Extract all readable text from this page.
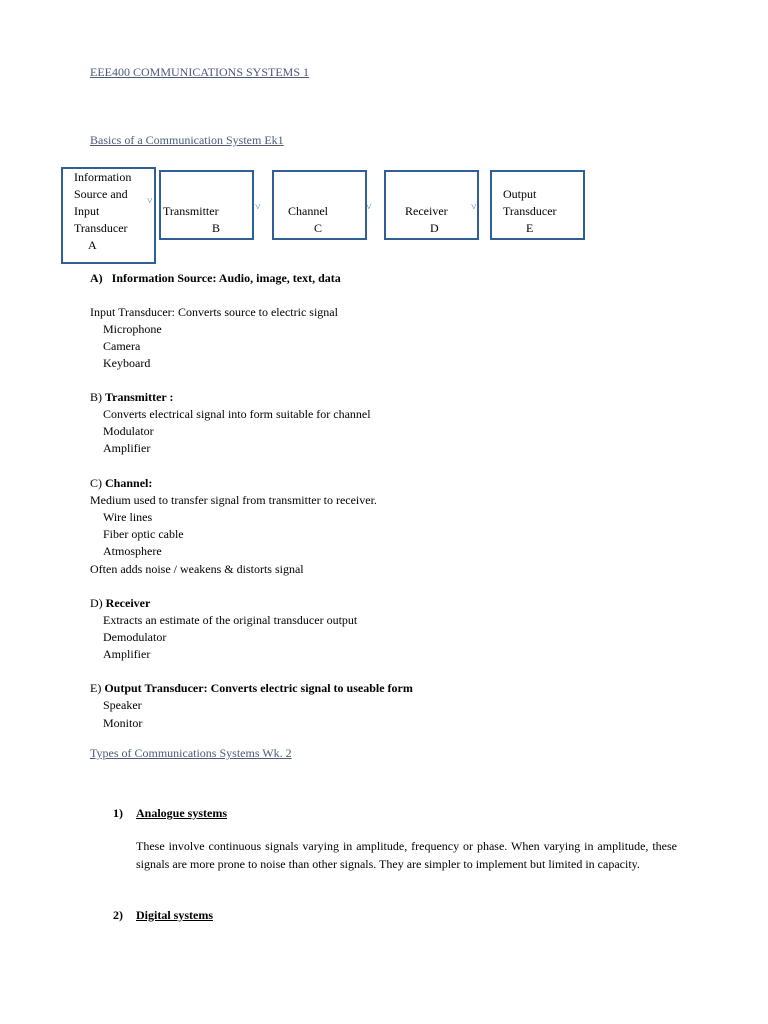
EEE400 COMMUNICATIONS SYSTEMS 1
Basics of a Communication System Ek1
Information
Source and
Input
Transducer
A
˅
Transmitter
B
˅ Channel
C
˅	Receiver
D
˅
Output
Transducer
E
A) Information Source: Audio, image, text, data
Input Transducer: Converts source to electric signal
Microphone
Camera
Keyboard
B) Transmitter :
Converts electrical signal into form suitable for channel
Modulator
Amplifier
C) Channel:
Medium used to transfer signal from transmitter to receiver.
Wire lines
Fiber optic cable
Atmosphere
Often adds noise / weakens & distorts signal
D) Receiver
Extracts an estimate of the original transducer output
Demodulator
Amplifier
E) Output Transducer: Converts electric signal to useable form
Speaker
Monitor
Types of Communications Systems Wk. 2
1) Analogue systems
These involve continuous signals varying in amplitude, frequency or phase. When varying in amplitude, these signals are more prone to noise than other signals. They are simpler to implement but limited in capacity.
2) Digital systems
